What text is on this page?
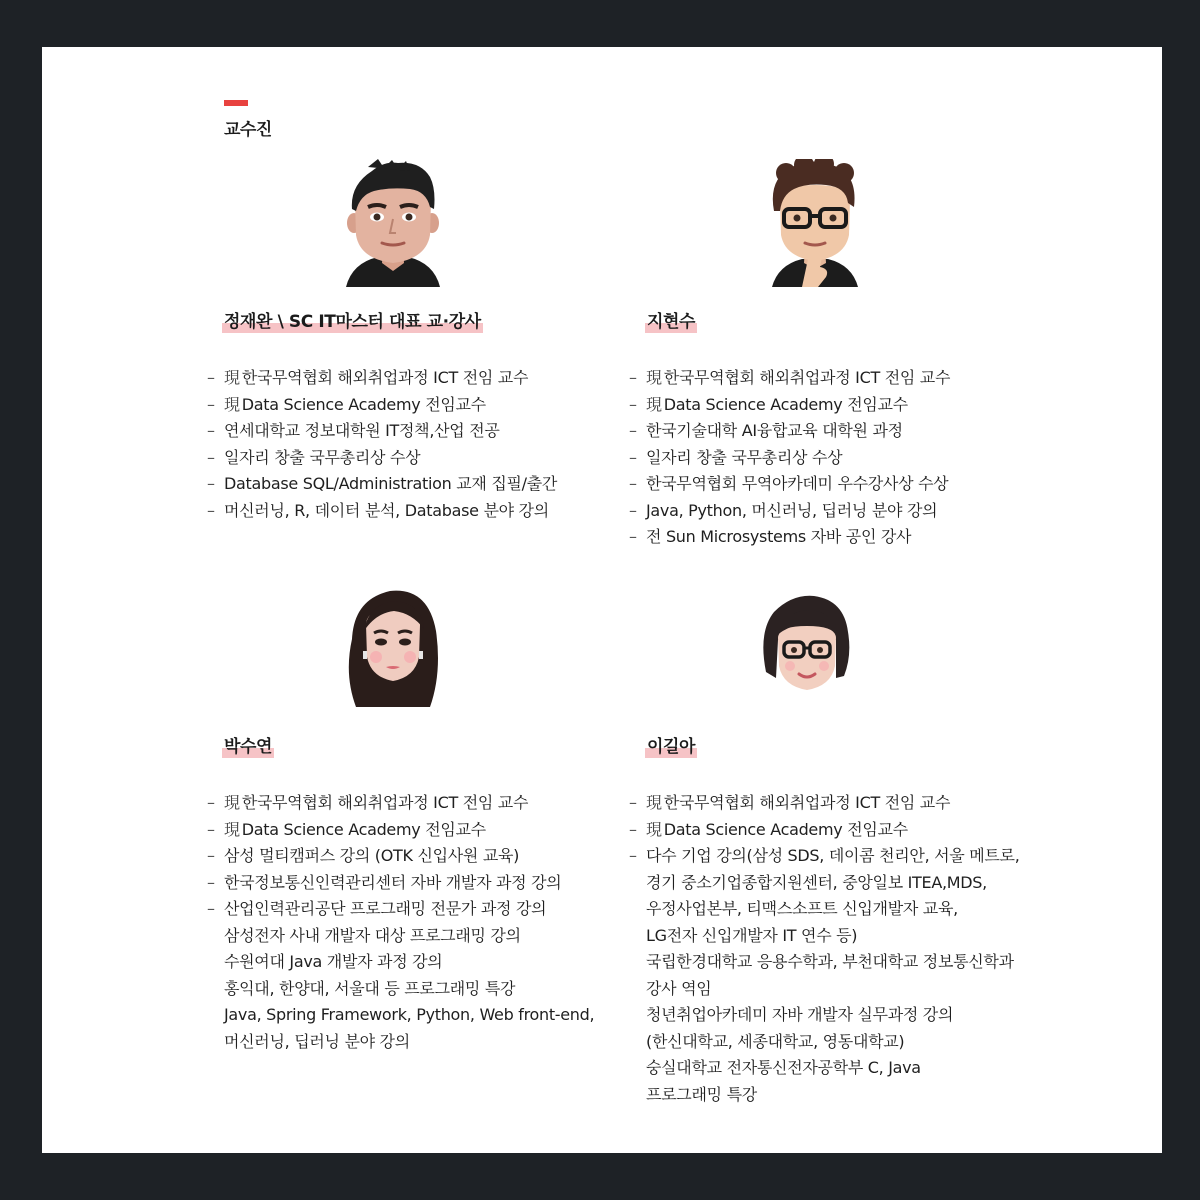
교수진
정재완 \ SC IT마스터 대표 교·강사
– 現 한국무역협회 해외취업과정 ICT 전임 교수
– 現 Data Science Academy 전임교수
– 연세대학교 정보대학원 IT정책,산업 전공
– 일자리 창출 국무총리상 수상
– Database SQL/Administration 교재 집필/출간
– 머신러닝, R, 데이터 분석, Database 분야 강의
지현수
– 現 한국무역협회 해외취업과정 ICT 전임 교수
– 現 Data Science Academy 전임교수
– 한국기술대학 AI융합교육 대학원 과정
– 일자리 창출 국무총리상 수상
– 한국무역협회 무역아카데미 우수강사상 수상
– Java, Python, 머신러닝, 딥러닝 분야 강의
– 전 Sun Microsystems 자바 공인 강사
박수연
– 現 한국무역협회 해외취업과정 ICT 전임 교수
– 現 Data Science Academy 전임교수
– 삼성 멀티캠퍼스 강의 (OTK 신입사원 교육)
– 한국정보통신인력관리센터 자바 개발자 과정 강의
– 산업인력관리공단 프로그래밍 전문가 과정 강의
삼성전자 사내 개발자 대상 프로그래밍 강의
수원여대 Java 개발자 과정 강의
홍익대, 한양대, 서울대 등 프로그래밍 특강
Java, Spring Framework, Python, Web front-end,
머신러닝, 딥러닝 분야 강의
이길아
– 現 한국무역협회 해외취업과정 ICT 전임 교수
– 現 Data Science Academy 전임교수
– 다수 기업 강의(삼성 SDS, 데이콤 천리안, 서울 메트로,
경기 중소기업종합지원센터, 중앙일보 ITEA,MDS,
우정사업본부, 티맥스소프트 신입개발자 교육,
LG전자 신입개발자 IT 연수 등)
국립한경대학교 응용수학과, 부천대학교 정보통신학과
강사 역임
청년취업아카데미 자바 개발자 실무과정 강의
(한신대학교, 세종대학교, 영동대학교)
숭실대학교 전자통신전자공학부 C, Java
프로그래밍 특강
